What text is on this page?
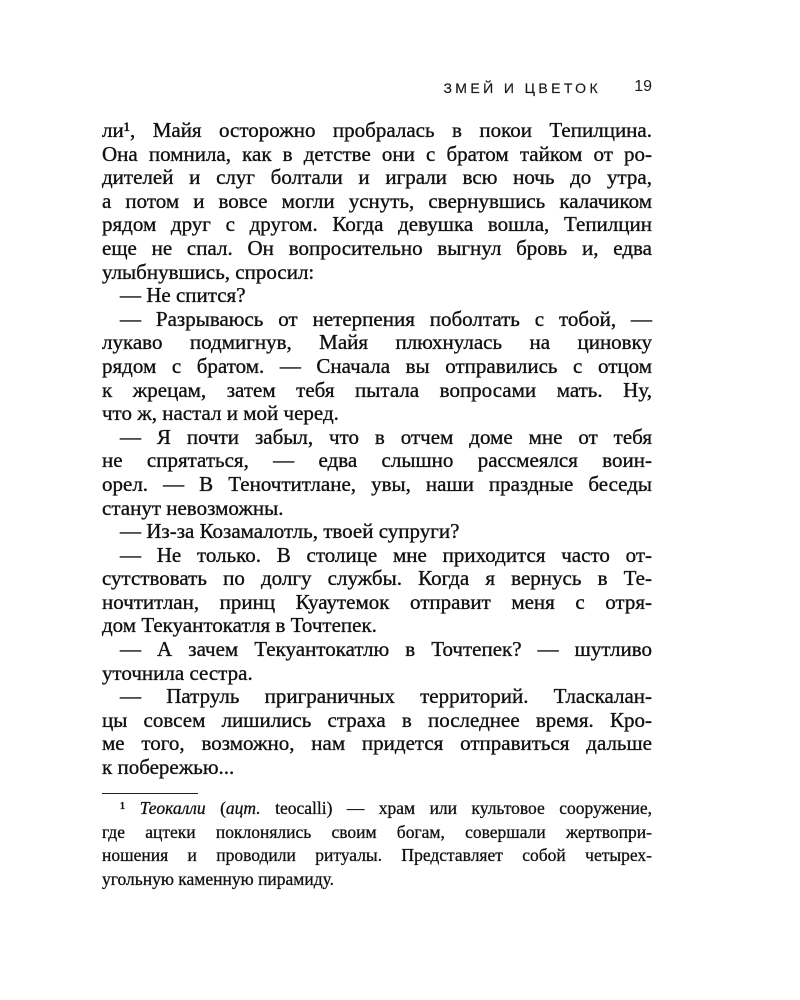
ЗМЕЙ И ЦВЕТОК 19
ли¹, Майя осторожно пробралась в покои Тепилцина.
Она помнила, как в детстве они с братом тайком от ро-
дителей и слуг болтали и играли всю ночь до утра,
а потом и вовсе могли уснуть, свернувшись калачиком
рядом друг с другом. Когда девушка вошла, Тепилцин
еще не спал. Он вопросительно выгнул бровь и, едва
улыбнувшись, спросил:
— Не спится?
— Разрываюсь от нетерпения поболтать с тобой, —
лукаво подмигнув, Майя плюхнулась на циновку
рядом с братом. — Сначала вы отправились с отцом
к жрецам, затем тебя пытала вопросами мать. Ну,
что ж, настал и мой черед.
— Я почти забыл, что в отчем доме мне от тебя
не спрятаться, — едва слышно рассмеялся воин-
орел. — В Теночтитлане, увы, наши праздные беседы
станут невозможны.
— Из-за Козамалотль, твоей супруги?
— Не только. В столице мне приходится часто от-
сутствовать по долгу службы. Когда я вернусь в Те-
ночтитлан, принц Куаутемок отправит меня с отря-
дом Текуантокатля в Точтепек.
— А зачем Текуантокатлю в Точтепек? — шутливо
уточнила сестра.
— Патруль приграничных территорий. Тласкалан-
цы совсем лишились страха в последнее время. Кро-
ме того, возможно, нам придется отправиться дальше
к побережью...
¹ Теокалли (ацт. teocalli) — храм или культовое сооружение,
где ацтеки поклонялись своим богам, совершали жертвопри-
ношения и проводили ритуалы. Представляет собой четырех-
угольную каменную пирамиду.
